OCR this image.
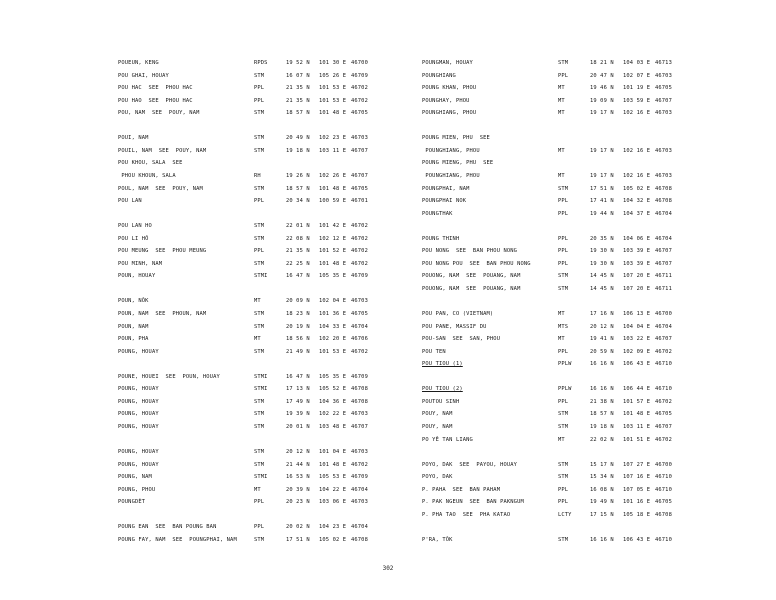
POUEUN, KENG	RPDS	19 52 N 101 30 E 46700
POU GHAI, HOUAY	STM	16 07 N 105 26 E 46709
POU HAC  SEE  PHOU HAC	PPL	21 35 N 101 53 E 46702
POU HAO  SEE  PHOU HAC	PPL	21 35 N 101 53 E 46702
POU, NAM  SEE  POUY, NAM	STM	18 57 N 101 48 E 46705
POUI, NAM	STM	20 49 N 102 23 E 46703
POUIL, NAM  SEE  POUY, NAM	STM	19 18 N 103 11 E 46707
POU KHOU, SALA  SEE
PHOU KHOUN, SALA	RH	19 26 N 102 26 E 46707
POUL, NAM  SEE  POUY, NAM	STM	18 57 N 101 48 E 46705
POU LAN	PPL	20 34 N 100 59 E 46701
POU LAN HO	STM	22 01 N 101 42 E 46702
POU LI HÔ	STM	22 08 N 102 12 E 46702
POU MEUNG  SEE  PHOU MEUNG	PPL	21 35 N 101 52 E 46702
POU MINH, NAM	STM	22 25 N 101 48 E 46702
POUN, HOUAY	STMI	16 47 N 105 35 E 46709
POUN, NÔK	MT	20 09 N 102 04 E 46703
POUN, NAM  SEE  PHOUN, NAM	STM	18 23 N 101 36 E 46705
POUN, NAM	STM	20 19 N 104 33 E 46704
POUN, PHA	MT	18 56 N 102 20 E 46706
POUNG, HOUAY	STM	21 49 N 101 53 E 46702
POUNE, HOUEI  SEE  POUN, HOUAY	STMI	16 47 N 105 35 E 46709
POUNG, HOUAY	STMI	17 13 N 105 52 E 46708
POUNG, HOUAY	STM	17 49 N 104 36 E 46708
POUNG, HOUAY	STM	19 39 N 102 22 E 46703
POUNG, HOUAY	STM	20 01 N 103 48 E 46707
POUNG, HOUAY	STM	20 12 N 101 04 E 46703
POUNG, HOUAY	STM	21 44 N 101 48 E 46702
POUNG, NAM	STMI	16 53 N 105 53 E 46709
POUNG, PHOU	MT	20 39 N 104 22 E 46704
POUNGDÈT	PPL	20 23 N 103 06 E 46703
POUNG EAN  SEE  BAN POUNG BAN	PPL	20 02 N 104 23 E 46704
POUNG FAY, NAM  SEE  POUNGPHAI, NAM	STM	17 51 N 105 02 E 46708
POUNGMAN, HOUAY	STM	18 21 N 104 03 E 46713
POUNGHIANG	PPL	20 47 N 102 07 E 46703
POUNG KHAN, PHOU	MT	19 46 N 101 19 E 46705
POUNGHAY, PHOU	MT	19 09 N 103 59 E 46707
POUNGHIANG, PHOU	MT	19 17 N 102 16 E 46703
POUNG MIEN, PHU  SEE
POUNGHIANG, PHOU	MT	19 17 N 102 16 E 46703
POUNG MIENG, PHU  SEE
POUNGHIANG, PHOU	MT	19 17 N 102 16 E 46703
POUNGPHAI, NAM	STM	17 51 N 105 02 E 46708
POUNGPHAI NOK	PPL	17 41 N 104 32 E 46708
POUNGTHAK	PPL	19 44 N 104 37 E 46704
POUNG THINH	PPL	20 35 N 104 06 E 46704
POU NONG  SEE  BAN PHOU NONG	PPL	19 30 N 103 39 E 46707
POU NONG POU  SEE  BAN PHOU NONG	PPL	19 30 N 103 39 E 46707
POUONG, NAM  SEE  POUANG, NAM	STM	14 45 N 107 20 E 46711
POUONG, NAM  SEE  POUANG, NAM	STM	14 45 N 107 20 E 46711
POU PAN, CO (VIETNAM)	MT	17 16 N 106 13 E 46700
POU PANE, MASSIF DU	MTS	20 12 N 104 04 E 46704
POU-SAN  SEE  SAN, PHOU	MT	19 41 N 103 22 E 46707
POU TEN	PPL	20 59 N 102 09 E 46702
POU TIOU (1)	PPLW	16 16 N 106 43 E 46710
POU TIOU (2)	PPLW	16 16 N 106 44 E 46710
POUTOU SINH	PPL	21 38 N 101 57 E 46702
POUY, NAM	STM	18 57 N 101 48 E 46705
POUY, NAM	STM	19 18 N 103 11 E 46707
PO YÊ TAN LIANG	MT	22 02 N 101 51 E 46702
POYO, DAK  SEE  PAYOU, HOUAY	STM	15 17 N 107 27 E 46700
POYO, DAK	STM	15 34 N 107 16 E 46710
P. PAHA  SEE  BAN PAHAM	PPL	16 08 N 107 05 E 46710
P. PAK NGEUN  SEE  BAN PAKNGUM	PPL	19 49 N 101 16 E 46705
P. PHA TAO  SEE  PHA KATAO	LCTY	17 15 N 105 18 E 46708
P'RA, TÔK	STM	16 16 N 106 43 E 46710
302
